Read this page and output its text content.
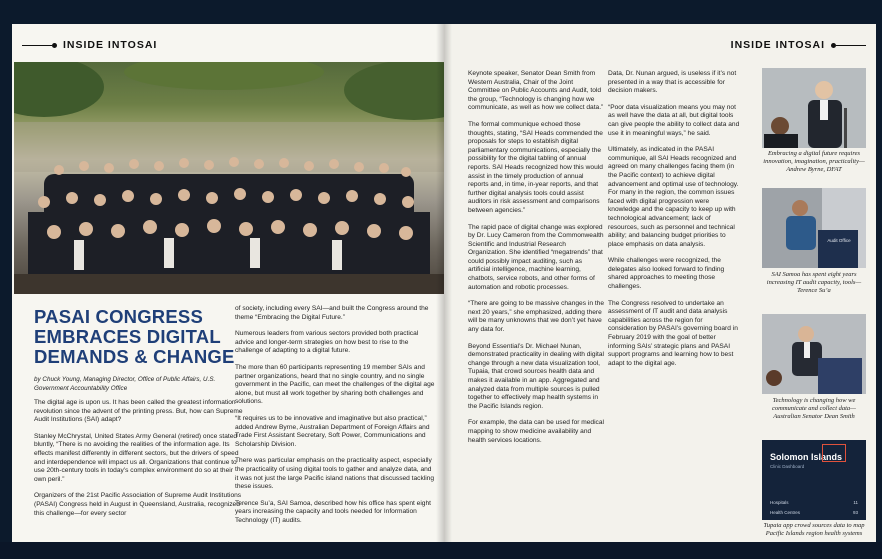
INSIDE INTOSAI
PASAI CONGRESS EMBRACES DIGITAL DEMANDS & CHANGE
by Chuck Young, Managing Director, Office of Public Affairs, U.S. Government Accountability Office

The digital age is upon us. It has been called the greatest information revolution since the advent of the printing press. But, how can Supreme Audit Institutions (SAI) adapt?

Stanley McChrystal, United States Army General (retired) once stated bluntly, “There is no avoiding the realities of the information age. Its effects manifest differently in different sectors, but the drivers of speed and interdependence will impact us all. Organizations that continue to use 20th-century tools in today’s complex environment do so at their own peril.”

Organizers of the 21st Pacific Association of Supreme Audit Institutions (PASAI) Congress held in August in Queensland, Australia, recognized this challenge—for every sector

of society, including every SAI—and built the Congress around the theme “Embracing the Digital Future.”

Numerous leaders from various sectors provided both practical advice and longer-term strategies on how best to rise to the challenge of adapting to a digital future.

The more than 60 participants representing 19 member SAIs and partner organizations, heard that no single country, and no single government in the Pacific, can meet the challenges of the digital age alone, but must all work together by sharing both challenges and solutions.

“It requires us to be innovative and imaginative but also practical,” added Andrew Byrne, Australian Department of Foreign Affairs and Trade First Assistant Secretary, Soft Power, Communications and Scholarship Division.

There was particular emphasis on the practicality aspect, especially the practicality of using digital tools to gather and analyze data, and it was not just the large Pacific island nations that discussed tackling these issues.

Terence Su’a, SAI Samoa, described how his office has spent eight years increasing the capacity and tools needed for Information Technology (IT) audits.

INSIDE INTOSAI

Keynote speaker, Senator Dean Smith from Western Australia, Chair of the Joint Committee on Public Accounts and Audit, told the group, “Technology is changing how we communicate, as well as how we collect data.”

The formal communique echoed those thoughts, stating, “SAI Heads commended the proposals for steps to establish digital parliamentary communications, especially the possibility for the digital tabling of annual reports. SAI Heads recognized how this would assist in the timely production of annual reports and, in time, in-year reports, and that further digital analysis tools could assist auditors in risk assessment and comparisons between agencies.”

The rapid pace of digital change was explored by Dr. Lucy Cameron from the Commonwealth Scientific and Industrial Research Organization. She identified “megatrends” that could possibly impact auditing, such as artificial intelligence, machine learning, chatbots, service robots, and other forms of automation and robotic processes.

“There are going to be massive changes in the next 20 years,” she emphasized, adding there will be many unknowns that we don’t yet have any data for.

Beyond Essential’s Dr. Michael Nunan, demonstrated practicality in dealing with digital change through a new data visualization tool, Tupaia, that crowd sources health data and makes it available in an app. Aggregated and analyzed data from multiple sources is pulled together to effectively map health systems in the Pacific Islands region.

For example, the data can be used for medical mapping to show medicine availability and health services locations.

Data, Dr. Nunan argued, is useless if it’s not presented in a way that is accessible for decision makers.

“Poor data visualization means you may not as well have the data at all, but digital tools can give people the ability to collect data and use it in meaningful ways,” he said.

Ultimately, as indicated in the PASAI communique, all SAI Heads recognized and agreed on many challenges facing them (in the Pacific context) to achieve digital advancement and optimal use of technology. For many in the region, the common issues faced with digital progression were knowledge and the capacity to keep up with technological advancement; lack of resources, such as personnel and technical ability; and balancing budget priorities to place emphasis on data analysis.

While challenges were recognized, the delegates also looked forward to finding shared approaches to meeting those challenges.

The Congress resolved to undertake an assessment of IT audit and data analysis capabilities across the region for consideration by PASAI’s governing board in February 2019 with the goal of better informing SAIs’ strategic plans and PASAI support programs and learning how to best adapt to the digital age.

Embracing a digital future requires innovation, imagination, practicality—Andrew Byrne, DFAT
Audit Office
SAI Samoa has spent eight years increasing IT audit capacity, tools—Terence Su’a
Technology is changing how we communicate and collect data—Australian Senator Dean Smith
Solomon Islands
Clinic Dashboard
Hospitals	11
Health Centres	93
Tupaia app crowd sources data to map Pacific Islands region health systems
